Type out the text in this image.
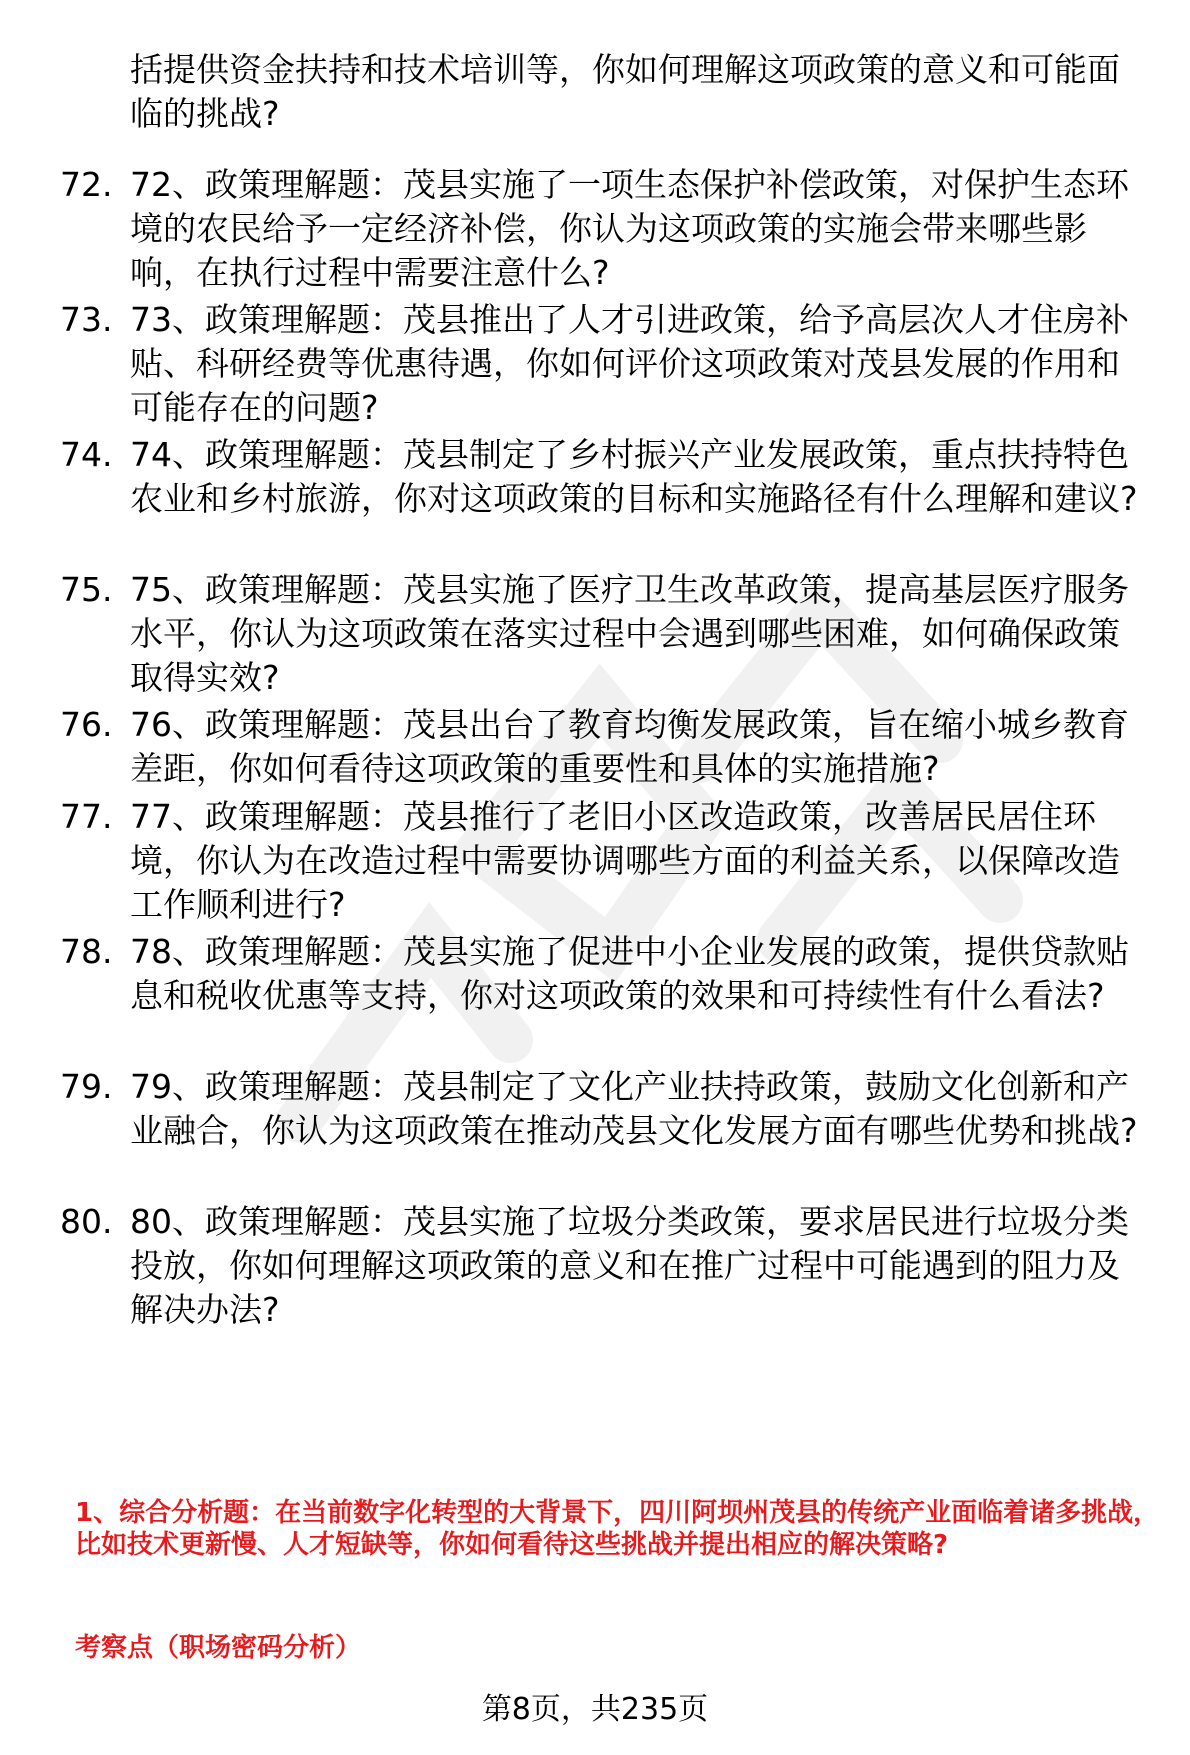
括提供资金扶持和技术培训等，你如何理解这项政策的意义和可能面临的挑战?
72. 72、政策理解题：茂县实施了一项生态保护补偿政策，对保护生态环境的农民给予一定经济补偿，你认为这项政策的实施会带来哪些影响，在执行过程中需要注意什么?
73. 73、政策理解题：茂县推出了人才引进政策，给予高层次人才住房补贴、科研经费等优惠待遇，你如何评价这项政策对茂县发展的作用和可能存在的问题?
74. 74、政策理解题：茂县制定了乡村振兴产业发展政策，重点扶持特色农业和乡村旅游，你对这项政策的目标和实施路径有什么理解和建议?
75. 75、政策理解题：茂县实施了医疗卫生改革政策，提高基层医疗服务水平，你认为这项政策在落实过程中会遇到哪些困难，如何确保政策取得实效?
76. 76、政策理解题：茂县出台了教育均衡发展政策，旨在缩小城乡教育差距，你如何看待这项政策的重要性和具体的实施措施?
77. 77、政策理解题：茂县推行了老旧小区改造政策，改善居民居住环境，你认为在改造过程中需要协调哪些方面的利益关系，以保障改造工作顺利进行?
78. 78、政策理解题：茂县实施了促进中小企业发展的政策，提供贷款贴息和税收优惠等支持，你对这项政策的效果和可持续性有什么看法?
79. 79、政策理解题：茂县制定了文化产业扶持政策，鼓励文化创新和产业融合，你认为这项政策在推动茂县文化发展方面有哪些优势和挑战?
80. 80、政策理解题：茂县实施了垃圾分类政策，要求居民进行垃圾分类投放，你如何理解这项政策的意义和在推广过程中可能遇到的阻力及解决办法?
1、综合分析题：在当前数字化转型的大背景下，四川阿坝州茂县的传统产业面临着诸多挑战，比如技术更新慢、人才短缺等，你如何看待这些挑战并提出相应的解决策略?
考察点（职场密码分析）
第8页，共235页
